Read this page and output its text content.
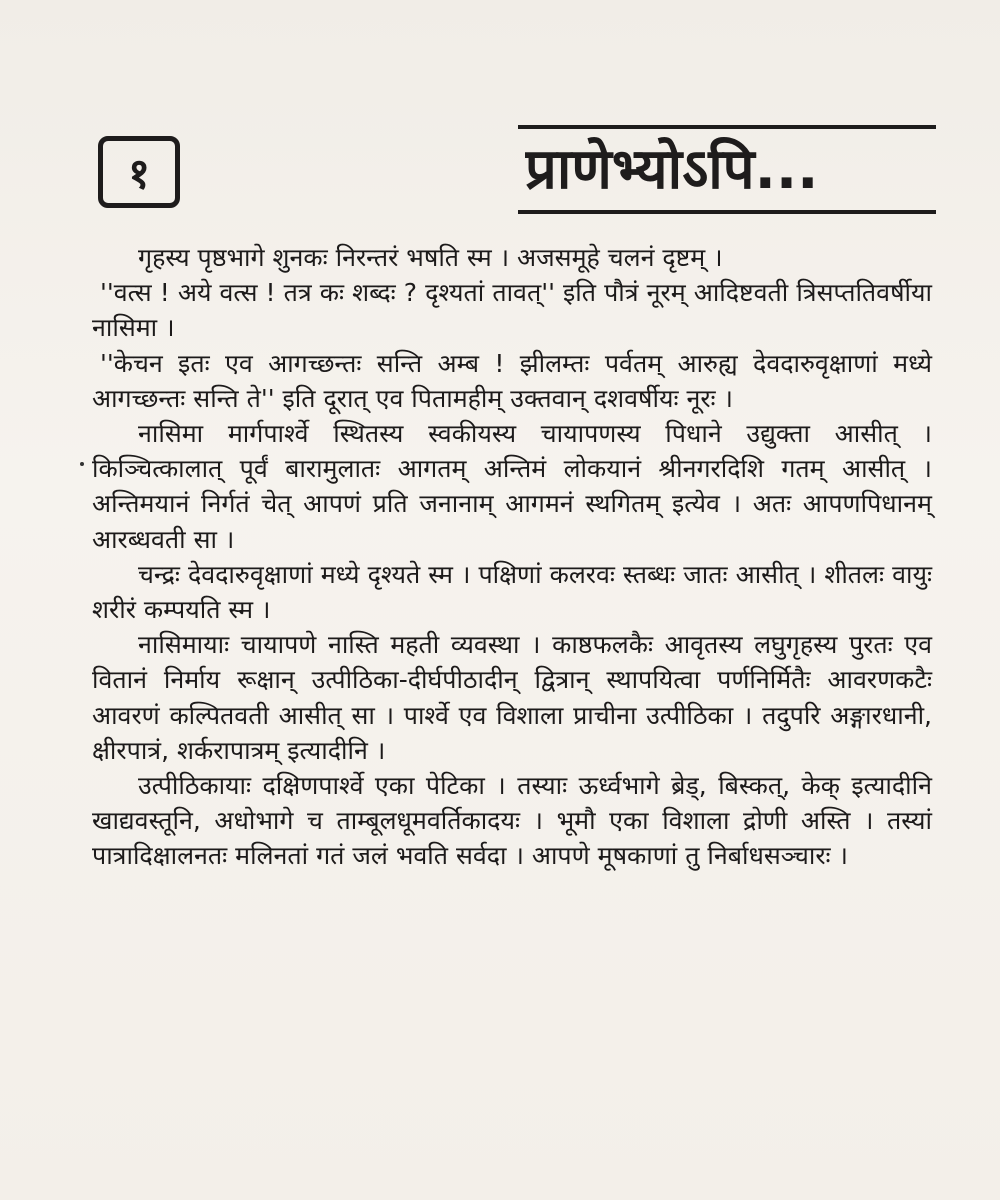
१	प्राणेभ्योऽपि...

गृहस्य पृष्ठभागे शुनकः निरन्तरं भषति स्म । अजसमूहे चलनं दृष्टम् ।

''वत्स ! अये वत्स ! तत्र कः शब्दः ? दृश्यतां तावत्'' इति पौत्रं नूरम् आदिष्टवती त्रिसप्ततिवर्षीया नासिमा ।

''केचन इतः एव आगच्छन्तः सन्ति अम्ब ! झीलम्तः पर्वतम् आरुह्य देवदारुवृक्षाणां मध्ये आगच्छन्तः सन्ति ते'' इति दूरात् एव पितामहीम् उक्तवान् दशवर्षीयः नूरः ।

नासिमा मार्गपार्श्वे स्थितस्य स्वकीयस्य चायापणस्य पिधाने उद्युक्ता आसीत् । किञ्चित्कालात् पूर्वं बारामुलातः आगतम् अन्तिमं लोकयानं श्रीनगरदिशि गतम् आसीत् । अन्तिमयानं निर्गतं चेत् आपणं प्रति जनानाम् आगमनं स्थगितम् इत्येव । अतः आपणपिधानम् आरब्धवती सा ।

चन्द्रः देवदारुवृक्षाणां मध्ये दृश्यते स्म । पक्षिणां कलरवः स्तब्धः जातः आसीत् । शीतलः वायुः शरीरं कम्पयति स्म ।

नासिमायाः चायापणे नास्ति महती व्यवस्था । काष्ठफलकैः आवृतस्य लघुगृहस्य पुरतः एव वितानं निर्माय रूक्षान् उत्पीठिका-दीर्घपीठादीन् द्वित्रान् स्थापयित्वा पर्णनिर्मितैः आवरणकटैः आवरणं कल्पितवती आसीत् सा । पार्श्वे एव विशाला प्राचीना उत्पीठिका । तदुपरि अङ्गारधानी, क्षीरपात्रं, शर्करापात्रम् इत्यादीनि ।

उत्पीठिकायाः दक्षिणपार्श्वे एका पेटिका । तस्याः ऊर्ध्वभागे ब्रेड्, बिस्कत्, केक् इत्यादीनि खाद्यवस्तूनि, अधोभागे च ताम्बूलधूमवर्तिकादयः । भूमौ एका विशाला द्रोणी अस्ति । तस्यां पात्रादिक्षालनतः मलिनतां गतं जलं भवति सर्वदा । आपणे मूषकाणां तु निर्बाधसञ्चारः ।
